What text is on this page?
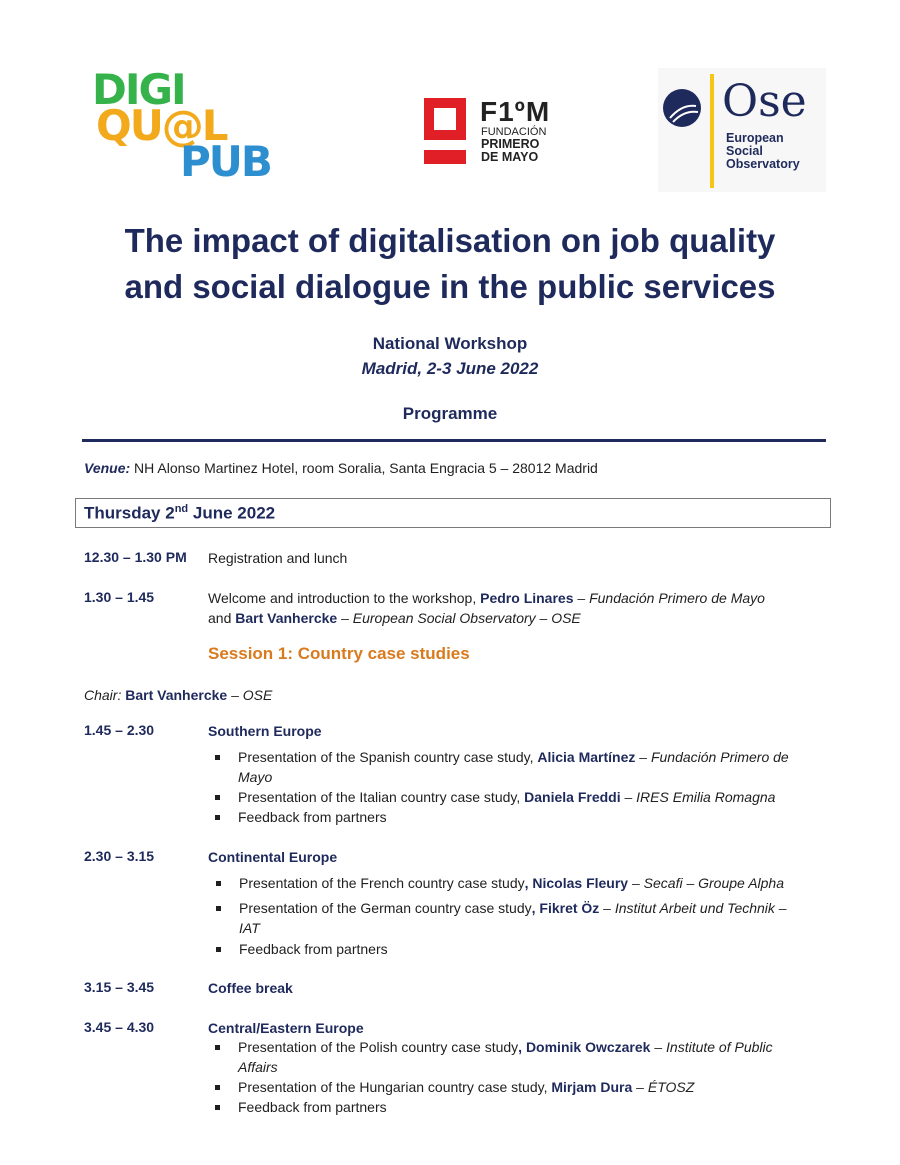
DIGI
QU@L
PUB
F1ºM
FUNDACIÓN
PRIMERO
DE MAYO
Ose
European
Social
Observatory
The impact of digitalisation on job quality
and social dialogue in the public services
National Workshop
Madrid, 2-3 June 2022
Programme
Venue: NH Alonso Martinez Hotel, room Soralia, Santa Engracia 5 – 28012 Madrid
Thursday 2nd June 2022
12.30 – 1.30 PM Registration and lunch
1.30 – 1.45	Welcome and introduction to the workshop, Pedro Linares – Fundación Primero de Mayo
and Bart Vanhercke – European Social Observatory – OSE
Session 1: Country case studies
Chair: Bart Vanhercke – OSE
1.45 – 2.30	Southern Europe
Presentation of the Spanish country case study, Alicia Martínez – Fundación Primero de Mayo
Presentation of the Italian country case study, Daniela Freddi – IRES Emilia Romagna
Feedback from partners
2.30 – 3.15	Continental Europe
Presentation of the French country case study, Nicolas Fleury – Secafi – Groupe Alpha
Presentation of the German country case study, Fikret Öz – Institut Arbeit und Technik – IAT
Feedback from partners
3.15 – 3.45	Coffee break
3.45 – 4.30	Central/Eastern Europe
Presentation of the Polish country case study, Dominik Owczarek – Institute of Public Affairs
Presentation of the Hungarian country case study, Mirjam Dura – ÉTOSZ
Feedback from partners
